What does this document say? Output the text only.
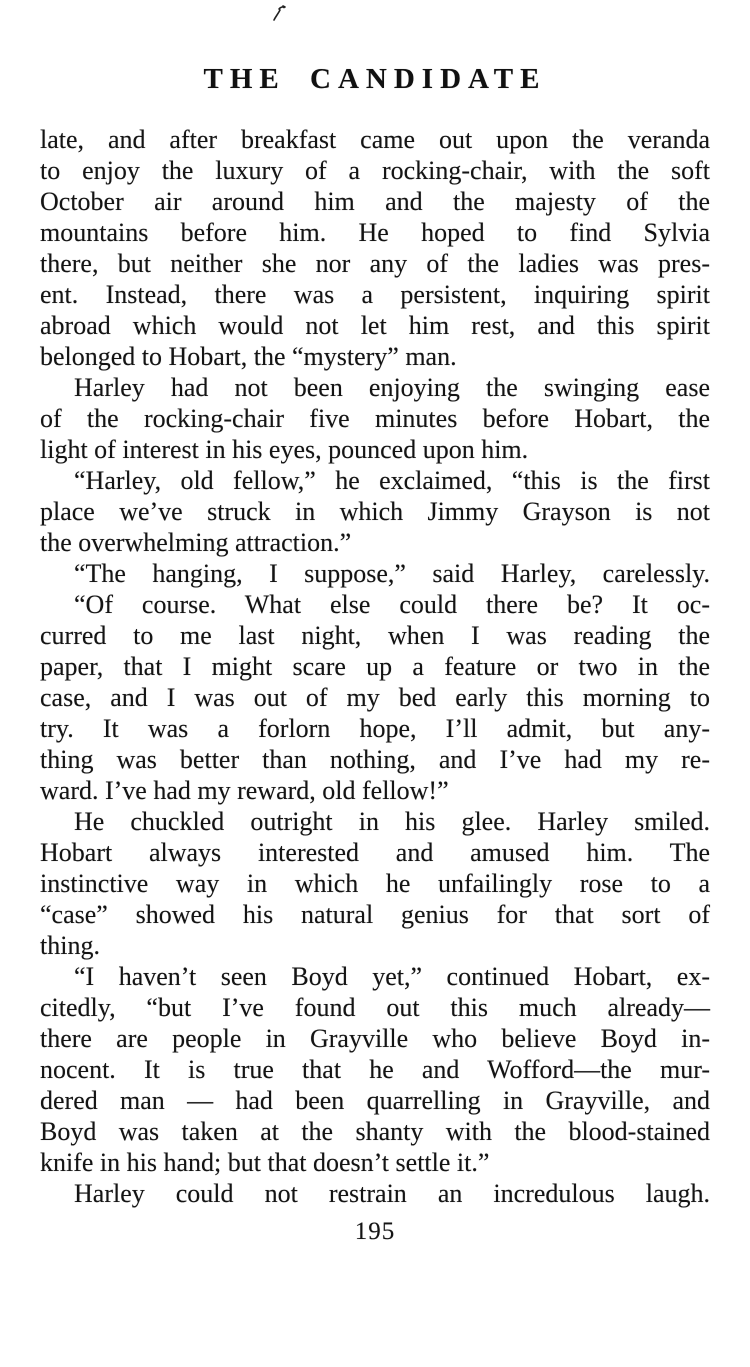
THE CANDIDATE
late, and after breakfast came out upon the veranda
to enjoy the luxury of a rocking-chair, with the soft
October air around him and the majesty of the
mountains before him. He hoped to find Sylvia
there, but neither she nor any of the ladies was pres-
ent. Instead, there was a persistent, inquiring spirit
abroad which would not let him rest, and this spirit
belonged to Hobart, the “mystery” man.
Harley had not been enjoying the swinging ease
of the rocking-chair five minutes before Hobart, the
light of interest in his eyes, pounced upon him.
“Harley, old fellow,” he exclaimed, “this is the first
place we’ve struck in which Jimmy Grayson is not
the overwhelming attraction.”
“The hanging, I suppose,” said Harley, carelessly.
“Of course. What else could there be? It oc-
curred to me last night, when I was reading the
paper, that I might scare up a feature or two in the
case, and I was out of my bed early this morning to
try. It was a forlorn hope, I’ll admit, but any-
thing was better than nothing, and I’ve had my re-
ward. I’ve had my reward, old fellow!”
He chuckled outright in his glee. Harley smiled.
Hobart always interested and amused him. The
instinctive way in which he unfailingly rose to a
“case” showed his natural genius for that sort of
thing.
“I haven’t seen Boyd yet,” continued Hobart, ex-
citedly, “but I’ve found out this much already—
there are people in Grayville who believe Boyd in-
nocent. It is true that he and Wofford—the mur-
dered man — had been quarrelling in Grayville, and
Boyd was taken at the shanty with the blood-stained
knife in his hand; but that doesn’t settle it.”
Harley could not restrain an incredulous laugh.
195
